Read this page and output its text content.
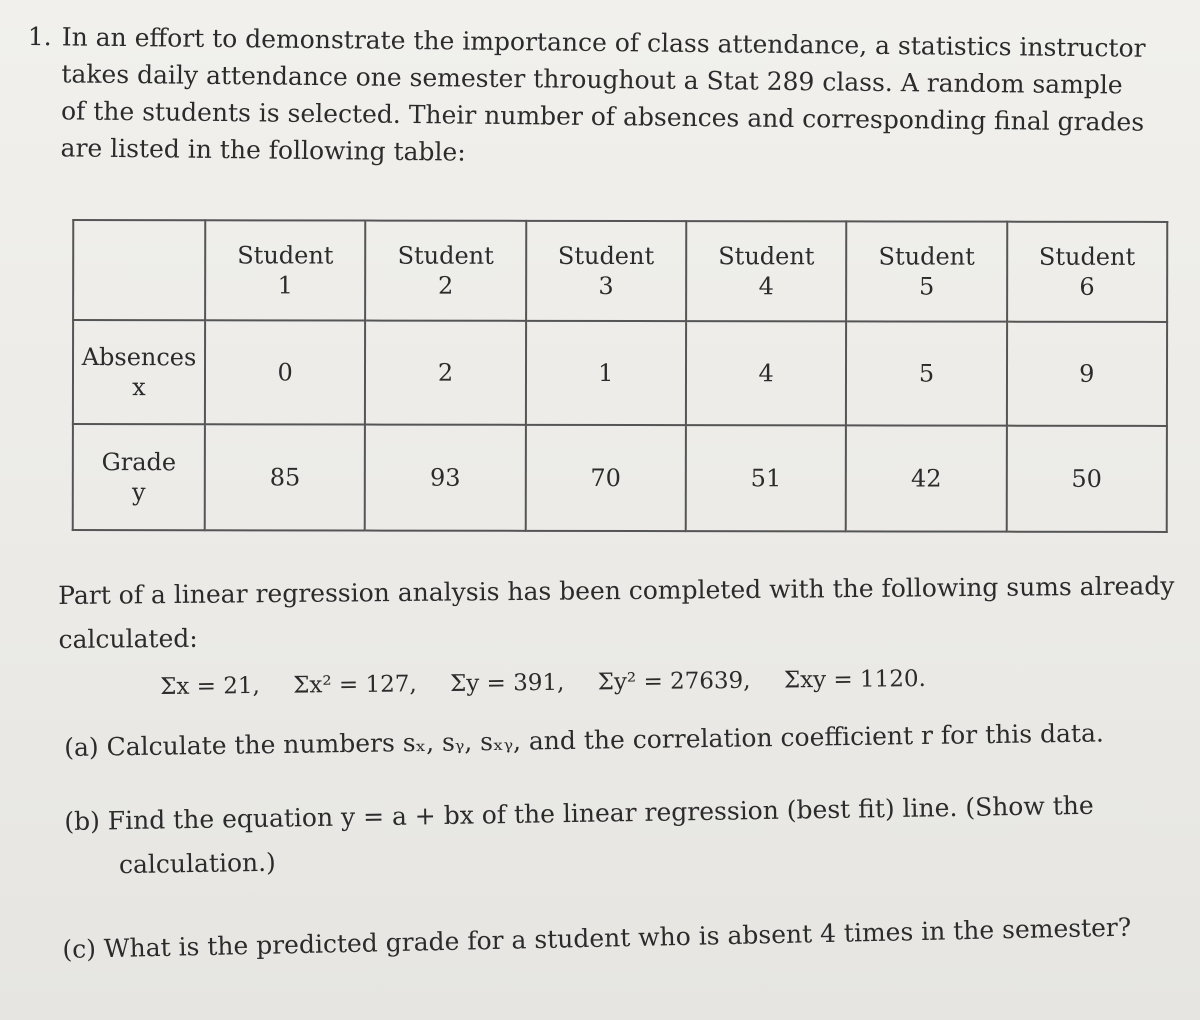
1. In an effort to demonstrate the importance of class attendance, a statistics instructor
takes daily attendance one semester throughout a Stat 289 class. A random sample
of the students is selected. Their number of absences and corresponding final grades
are listed in the following table:

	Student
1	Student
2	Student
3	Student
4	Student
5	Student
6

Absences
x	0	2	1	4	5	9

Grade
y	85	93	70	51	42	50
Part of a linear regression analysis has been completed with the following sums already
calculated:
Σx = 21, Σx² = 127, Σy = 391, Σy² = 27639, Σxy = 1120.
(a) Calculate the numbers sₓ, sᵧ, sₓᵧ, and the correlation coefficient r for this data.
(b) Find the equation y = a + bx of the linear regression (best fit) line. (Show the
calculation.)
(c) What is the predicted grade for a student who is absent 4 times in the semester?
